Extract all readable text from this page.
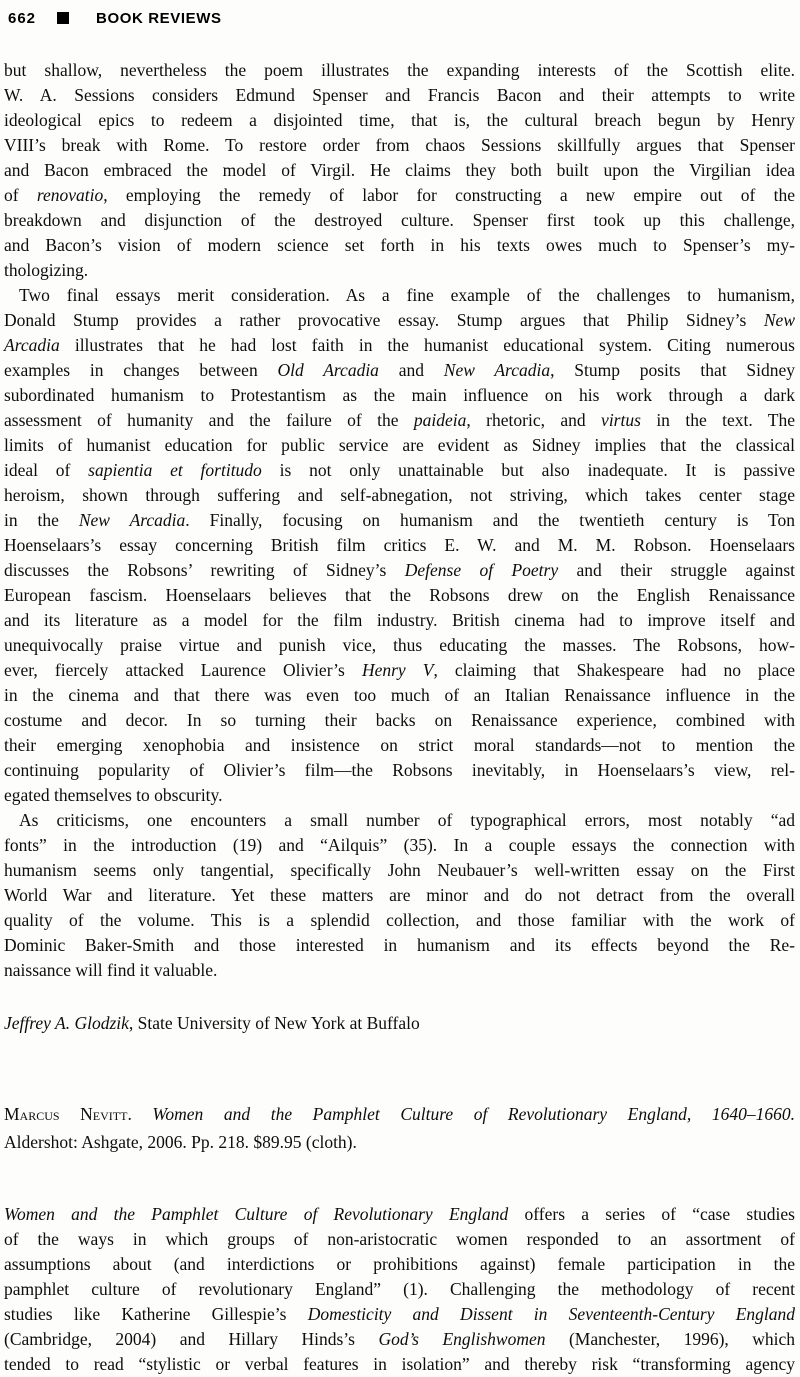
662	BOOK REVIEWS
but shallow, nevertheless the poem illustrates the expanding interests of the Scottish elite.
W. A. Sessions considers Edmund Spenser and Francis Bacon and their attempts to write
ideological epics to redeem a disjointed time, that is, the cultural breach begun by Henry
VIII’s break with Rome. To restore order from chaos Sessions skillfully argues that Spenser
and Bacon embraced the model of Virgil. He claims they both built upon the Virgilian idea
of renovatio, employing the remedy of labor for constructing a new empire out of the
breakdown and disjunction of the destroyed culture. Spenser first took up this challenge,
and Bacon’s vision of modern science set forth in his texts owes much to Spenser’s my-
thologizing.
Two final essays merit consideration. As a fine example of the challenges to humanism,
Donald Stump provides a rather provocative essay. Stump argues that Philip Sidney’s New
Arcadia illustrates that he had lost faith in the humanist educational system. Citing numerous
examples in changes between Old Arcadia and New Arcadia, Stump posits that Sidney
subordinated humanism to Protestantism as the main influence on his work through a dark
assessment of humanity and the failure of the paideia, rhetoric, and virtus in the text. The
limits of humanist education for public service are evident as Sidney implies that the classical
ideal of sapientia et fortitudo is not only unattainable but also inadequate. It is passive
heroism, shown through suffering and self-abnegation, not striving, which takes center stage
in the New Arcadia. Finally, focusing on humanism and the twentieth century is Ton
Hoenselaars’s essay concerning British film critics E. W. and M. M. Robson. Hoenselaars
discusses the Robsons’ rewriting of Sidney’s Defense of Poetry and their struggle against
European fascism. Hoenselaars believes that the Robsons drew on the English Renaissance
and its literature as a model for the film industry. British cinema had to improve itself and
unequivocally praise virtue and punish vice, thus educating the masses. The Robsons, how-
ever, fiercely attacked Laurence Olivier’s Henry V, claiming that Shakespeare had no place
in the cinema and that there was even too much of an Italian Renaissance influence in the
costume and decor. In so turning their backs on Renaissance experience, combined with
their emerging xenophobia and insistence on strict moral standards—not to mention the
continuing popularity of Olivier’s film—the Robsons inevitably, in Hoenselaars’s view, rel-
egated themselves to obscurity.
As criticisms, one encounters a small number of typographical errors, most notably “ad
fonts” in the introduction (19) and “Ailquis” (35). In a couple essays the connection with
humanism seems only tangential, specifically John Neubauer’s well-written essay on the First
World War and literature. Yet these matters are minor and do not detract from the overall
quality of the volume. This is a splendid collection, and those familiar with the work of
Dominic Baker-Smith and those interested in humanism and its effects beyond the Re-
naissance will find it valuable.

Jeffrey A. Glodzik, State University of New York at Buffalo

Marcus Nevitt. Women and the Pamphlet Culture of Revolutionary England, 1640–1660.
Aldershot: Ashgate, 2006. Pp. 218. $89.95 (cloth).
Women and the Pamphlet Culture of Revolutionary England offers a series of “case studies
of the ways in which groups of non-aristocratic women responded to an assortment of
assumptions about (and interdictions or prohibitions against) female participation in the
pamphlet culture of revolutionary England” (1). Challenging the methodology of recent
studies like Katherine Gillespie’s Domesticity and Dissent in Seventeenth-Century England
(Cambridge, 2004) and Hillary Hinds’s God’s Englishwomen (Manchester, 1996), which
tended to read “stylistic or verbal features in isolation” and thereby risk “transforming agency
